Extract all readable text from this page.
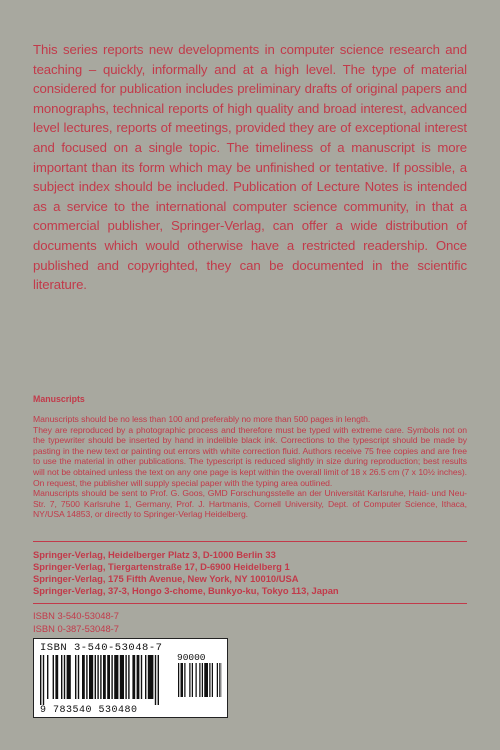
This series reports new developments in computer science research and teaching – quickly, informally and at a high level. The type of material considered for publication includes preliminary drafts of original papers and monographs, technical reports of high quality and broad interest, advanced level lectures, reports of meetings, provided they are of exceptional interest and focused on a single topic. The timeliness of a manuscript is more important than its form which may be unfinished or tentative. If possible, a subject index should be included. Publication of Lecture Notes is intended as a service to the international computer science community, in that a commercial publisher, Springer-Verlag, can offer a wide distribution of documents which would otherwise have a restricted readership. Once published and copyrighted, they can be documented in the scientific literature.

Manuscripts

Manuscripts should be no less than 100 and preferably no more than 500 pages in length.

They are reproduced by a photographic process and therefore must be typed with extreme care. Symbols not on the typewriter should be inserted by hand in indelible black ink. Corrections to the typescript should be made by pasting in the new text or painting out errors with white correction fluid. Authors receive 75 free copies and are free to use the material in other publications. The typescript is reduced slightly in size during reproduction; best results will not be obtained unless the text on any one page is kept within the overall limit of 18 x 26.5 cm (7 x 10½ inches). On request, the publisher will supply special paper with the typing area outlined.

Manuscripts should be sent to Prof. G. Goos, GMD Forschungsstelle an der Universität Karlsruhe, Haid- und Neu-Str. 7, 7500 Karlsruhe 1, Germany, Prof. J. Hartmanis, Cornell University, Dept. of Computer Science, Ithaca, NY/USA 14853, or directly to Springer-Verlag Heidelberg.

Springer-Verlag, Heidelberger Platz 3, D-1000 Berlin 33
Springer-Verlag, Tiergartenstraße 17, D-6900 Heidelberg 1
Springer-Verlag, 175 Fifth Avenue, New York, NY 10010/USA
Springer-Verlag, 37-3, Hongo 3-chome, Bunkyo-ku, Tokyo 113, Japan
ISBN 3-540-53048-7
ISBN 0-387-53048-7
ISBN 3-540-53048-7
90000
9 783540 530480
